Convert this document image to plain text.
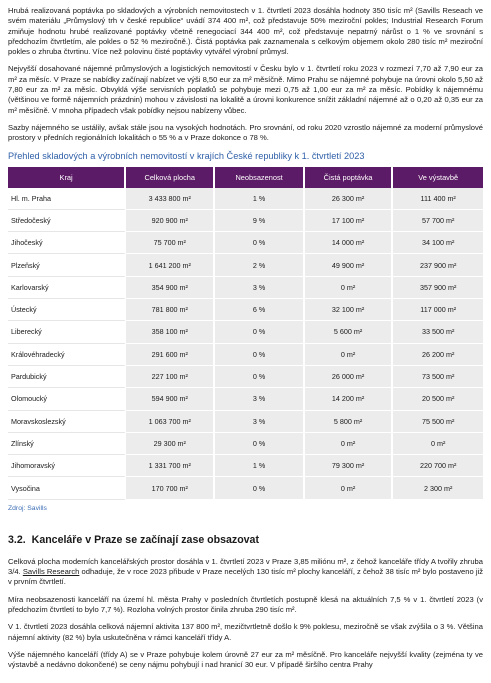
Hrubá realizovaná poptávka po skladových a výrobních nemovitostech v 1. čtvrtletí 2023 dosáhla hodnoty 350 tisíc m² (Savills Reseach ve svém materiálu „Průmyslový trh v české republice“ uvádí 374 400 m², což představuje 50% meziroční pokles; Industrial Research Forum zmiňuje hodnotu hrubé realizované poptávky včetně renegociací 344 400 m², což představuje nepatrný nárůst o 1 % ve srovnání s předchozím čtvrtletím, ale pokles o 52 % meziročně.). Čistá poptávka pak zaznamenala s celkovým objemem okolo 280 tisíc m² meziroční pokles o zhruba čtvrtinu. Více než polovinu čisté poptávky vytvářel výrobní průmysl.

Nejvyšší dosahované nájemné průmyslových a logistických nemovitostí v Česku bylo v 1. čtvrtletí roku 2023 v rozmezí 7,70 až 7,90 eur za m² za měsíc. V Praze se nabídky začínají nabízet ve výši 8,50 eur za m² měsíčně. Mimo Prahu se nájemné pohybuje na úrovni okolo 5,50 až 7,80 eur za m² za měsíc. Obvyklá výše servisních poplatků se pohybuje mezi 0,75 až 1,00 eur za m² za měsíc. Pobídky k nájemnému (většinou ve formě nájemních prázdnin) mohou v závislosti na lokalitě a úrovni konkurence snížit základní nájemné až o 0,20 až 0,35 eur za m² měsíčně. V mnoha případech však pobídky nejsou nabízeny vůbec.

Sazby nájemného se ustálily, avšak stále jsou na vysokých hodnotách. Pro srovnání, od roku 2020 vzrostlo nájemné za moderní průmyslové prostory v předních regionálních lokalitách o 55 % a v Praze dokonce o 78 %.

Přehled skladových a výrobních nemovitostí v krajích České republiky k 1. čtvrtletí 2023
Kraj	Celková plocha	Neobsazenost	Čistá poptávka	Ve výstavbě
Hl. m. Praha	3 433 800 m²	1 %	26 300 m²	111 400 m²
Středočeský	920 900 m²	9 %	17 100 m²	57 700 m²
Jihočeský	75 700 m²	0 %	14 000 m²	34 100 m²
Plzeňský	1 641 200 m²	2 %	49 900 m²	237 900 m²
Karlovarský	354 900 m²	3 %	0 m²	357 900 m²
Ústecký	781 800 m²	6 %	32 100 m²	117 000 m²
Liberecký	358 100 m²	0 %	5 600 m²	33 500 m²
Královéhradecký	291 600 m²	0 %	0 m²	26 200 m²
Pardubický	227 100 m²	0 %	26 000 m²	73 500 m²
Olomoucký	594 900 m²	3 %	14 200 m²	20 500 m²
Moravskoslezský	1 063 700 m²	3 %	5 800 m²	75 500 m²
Zlínský	29 300 m²	0 %	0 m²	0 m²
Jihomoravský	1 331 700 m²	1 %	79 300 m²	220 700 m²
Vysočina	170 700 m²	0 %	0 m²	2 300 m²
Zdroj: Savills
3.2. Kanceláře v Praze se začínají zase obsazovat

Celková plocha moderních kancelářských prostor dosáhla v 1. čtvrtletí 2023 v Praze 3,85 miliónu m², z čehož kanceláře třídy A tvořily zhruba 3/4. Savills Research odhaduje, že v roce 2023 přibude v Praze necelých 130 tisíc m² plochy kanceláří, z čehož 38 tisíc m² bylo postaveno již v prvním čtvrtletí.

Míra neobsazenosti kanceláří na území hl. města Prahy v posledních čtvrtletích postupně klesá na aktuálních 7,5 % v 1. čtvrtletí 2023 (v předchozím čtvrtletí to bylo 7,7 %). Rozloha volných prostor činila zhruba 290 tisíc m².

V 1. čtvrtletí 2023 dosáhla celková nájemní aktivita 137 800 m², mezičtvrtletně došlo k 9% poklesu, meziročně se však zvýšila o 3 %. Většina nájemní aktivity (82 %) byla uskutečněna v rámci kanceláří třídy A.

Výše nájemného kanceláří (třídy A) se v Praze pohybuje kolem úrovně 27 eur za m² měsíčně. Pro kanceláře nejvyšší kvality (zejména ty ve výstavbě a nedávno dokončené) se ceny nájmu pohybují i nad hranicí 30 eur. V případě širšího centra Prahy
